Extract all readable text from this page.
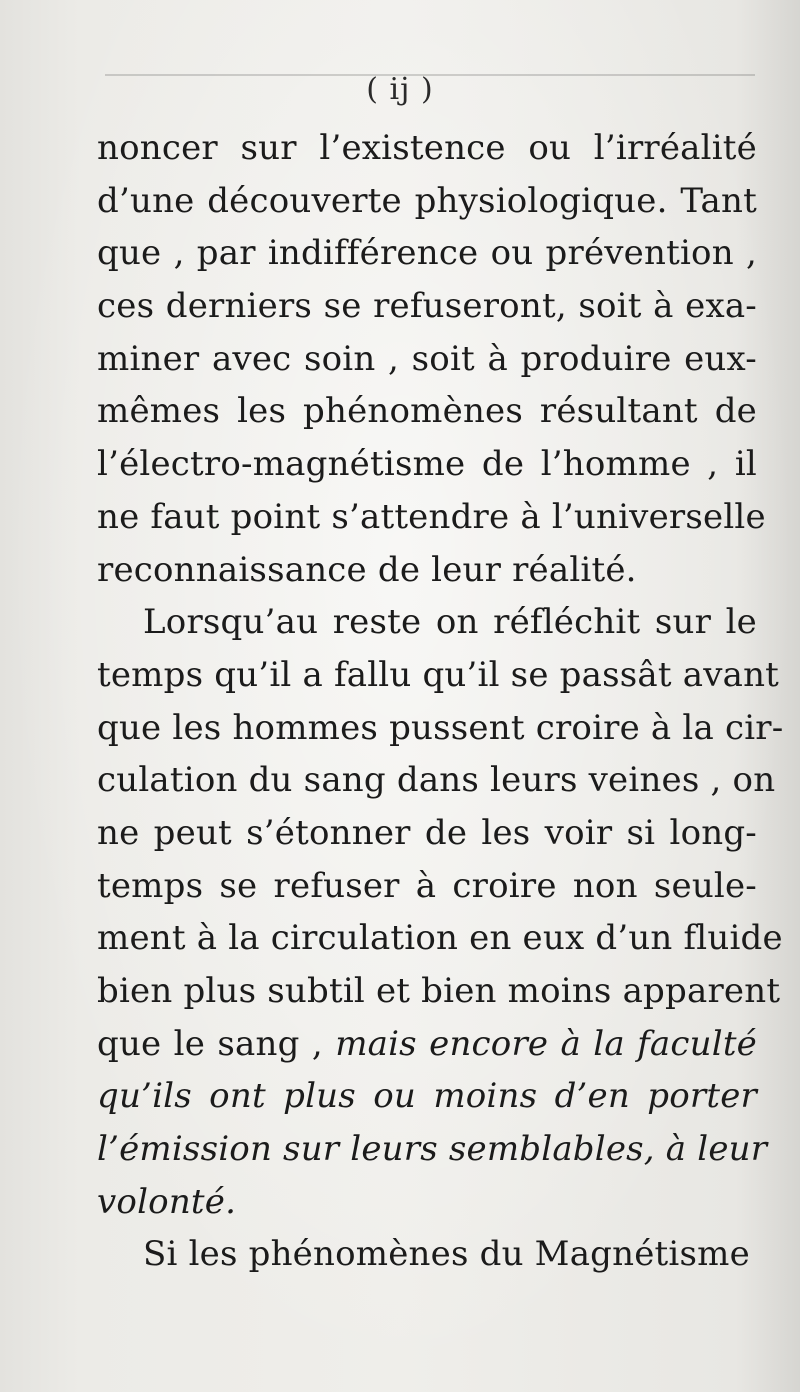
( ij )
noncer sur l’existence ou l’irréalité
d’une découverte physiologique. Tant
que , par indifférence ou prévention ,
ces derniers se refuseront, soit à exa-
miner avec soin , soit à produire eux-
mêmes les phénomènes résultant de
l’électro-magnétisme de l’homme , il
ne faut point s’attendre à l’universelle
reconnaissance de leur réalité.
Lorsqu’au reste on réfléchit sur le
temps qu’il a fallu qu’il se passât avant
que les hommes pussent croire à la cir-
culation du sang dans leurs veines , on
ne peut s’étonner de les voir si long-
temps se refuser à croire non seule-
ment à la circulation en eux d’un fluide
bien plus subtil et bien moins apparent
que le sang , mais encore à la faculté
qu’ils ont plus ou moins d’en porter
l’émission sur leurs semblables, à leur
volonté.
Si les phénomènes du Magnétisme
